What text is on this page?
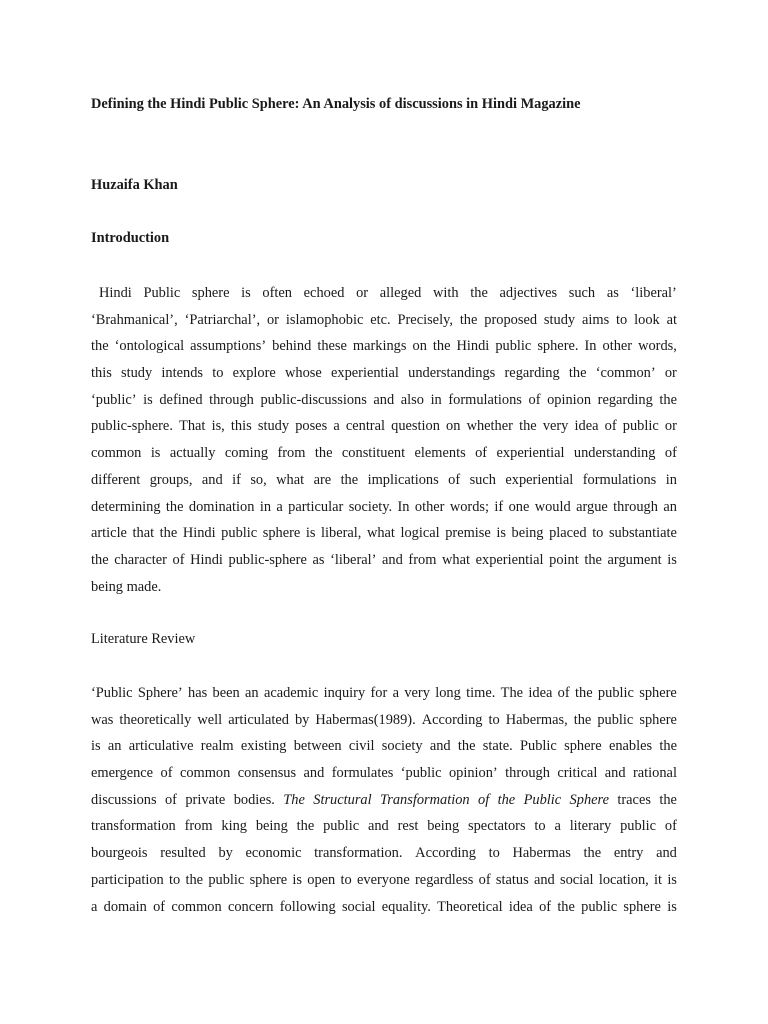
Defining the Hindi Public Sphere: An Analysis of discussions in Hindi Magazine
Huzaifa Khan
Introduction
Hindi Public sphere is often echoed or alleged with the adjectives such as ‘liberal’
‘Brahmanical’, ‘Patriarchal’, or islamophobic etc. Precisely, the proposed study aims to look at
the ‘ontological assumptions’ behind these markings on the Hindi public sphere. In other words,
this study intends to explore whose experiential understandings regarding the ‘common’ or
‘public’ is defined through public-discussions and also in formulations of opinion regarding the
public-sphere. That is, this study poses a central question on whether the very idea of public or
common is actually coming from the constituent elements of experiential understanding of
different groups, and if so, what are the implications of such experiential formulations in
determining the domination in a particular society. In other words; if one would argue through an
article that the Hindi public sphere is liberal, what logical premise is being placed to substantiate
the character of Hindi public-sphere as ‘liberal’ and from what experiential point the argument is
being made.
Literature Review
‘Public Sphere’ has been an academic inquiry for a very long time. The idea of the public sphere
was theoretically well articulated by Habermas(1989). According to Habermas, the public sphere
is an articulative realm existing between civil society and the state. Public sphere enables the
emergence of common consensus and formulates ‘public opinion’ through critical and rational
discussions of private bodies. The Structural Transformation of the Public Sphere traces the
transformation from king being the public and rest being spectators to a literary public of
bourgeois resulted by economic transformation. According to Habermas the entry and
participation to the public sphere is open to everyone regardless of status and social location, it is
a domain of common concern following social equality. Theoretical idea of the public sphere is
